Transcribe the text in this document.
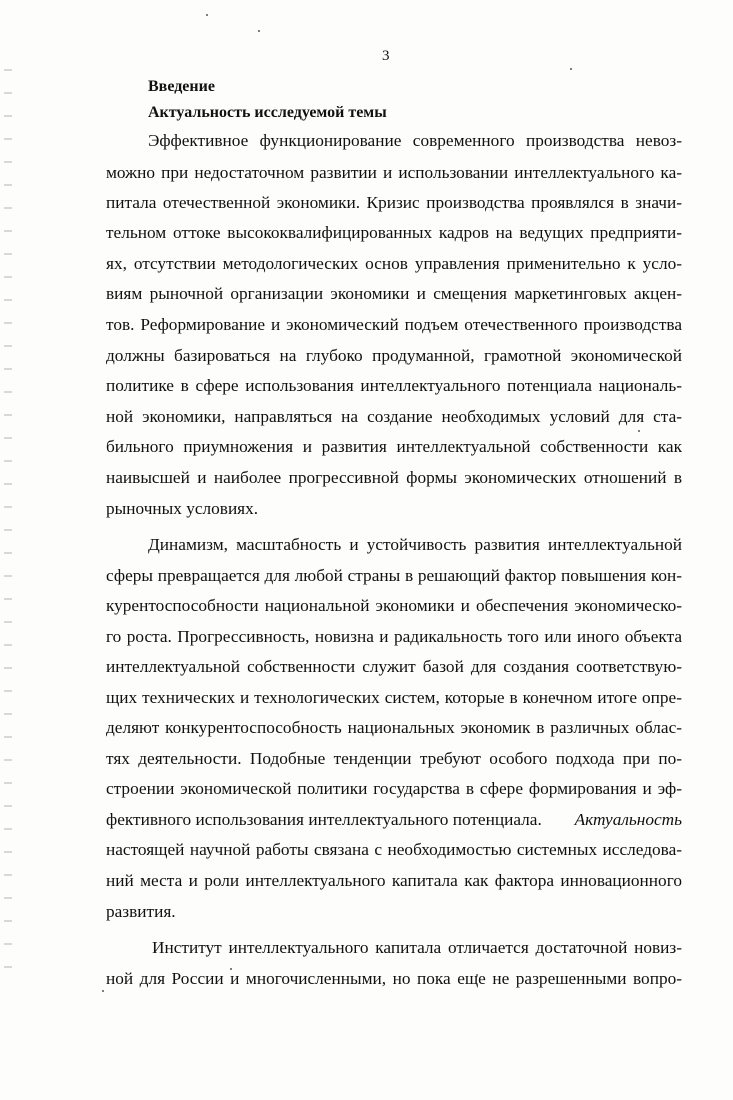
3
Введение
Актуальность исследуемой темы
Эффективное функционирование современного производства невоз-
можно при недостаточном развитии и использовании интеллектуального ка-
питала отечественной экономики. Кризис производства проявлялся в значи-
тельном оттоке высококвалифицированных кадров на ведущих предприяти-
ях, отсутствии методологических основ управления применительно к усло-
виям рыночной организации экономики и смещения маркетинговых акцен-
тов. Реформирование и экономический подъем отечественного производства
должны базироваться на глубоко продуманной, грамотной экономической
политике в сфере использования интеллектуального потенциала националь-
ной экономики, направляться на создание необходимых условий для ста-
бильного приумножения и развития интеллектуальной собственности как
наивысшей и наиболее прогрессивной формы экономических отношений в
рыночных условиях.
Динамизм, масштабность и устойчивость развития интеллектуальной
сферы превращается для любой страны в решающий фактор повышения кон-
курентоспособности национальной экономики и обеспечения экономическо-
го роста. Прогрессивность, новизна и радикальность того или иного объекта
интеллектуальной собственности служит базой для создания соответствую-
щих технических и технологических систем, которые в конечном итоге опре-
деляют конкурентоспособность национальных экономик в различных облас-
тях деятельности. Подобные тенденции требуют особого подхода при по-
строении экономической политики государства в сфере формирования и эф-
фективного использования интеллектуального потенциала. Актуальность
настоящей научной работы связана с необходимостью системных исследова-
ний места и роли интеллектуального капитала как фактора инновационного
развития.
Институт интеллектуального капитала отличается достаточной новиз-
ной для России и многочисленными, но пока еще не разрешенными вопро-
